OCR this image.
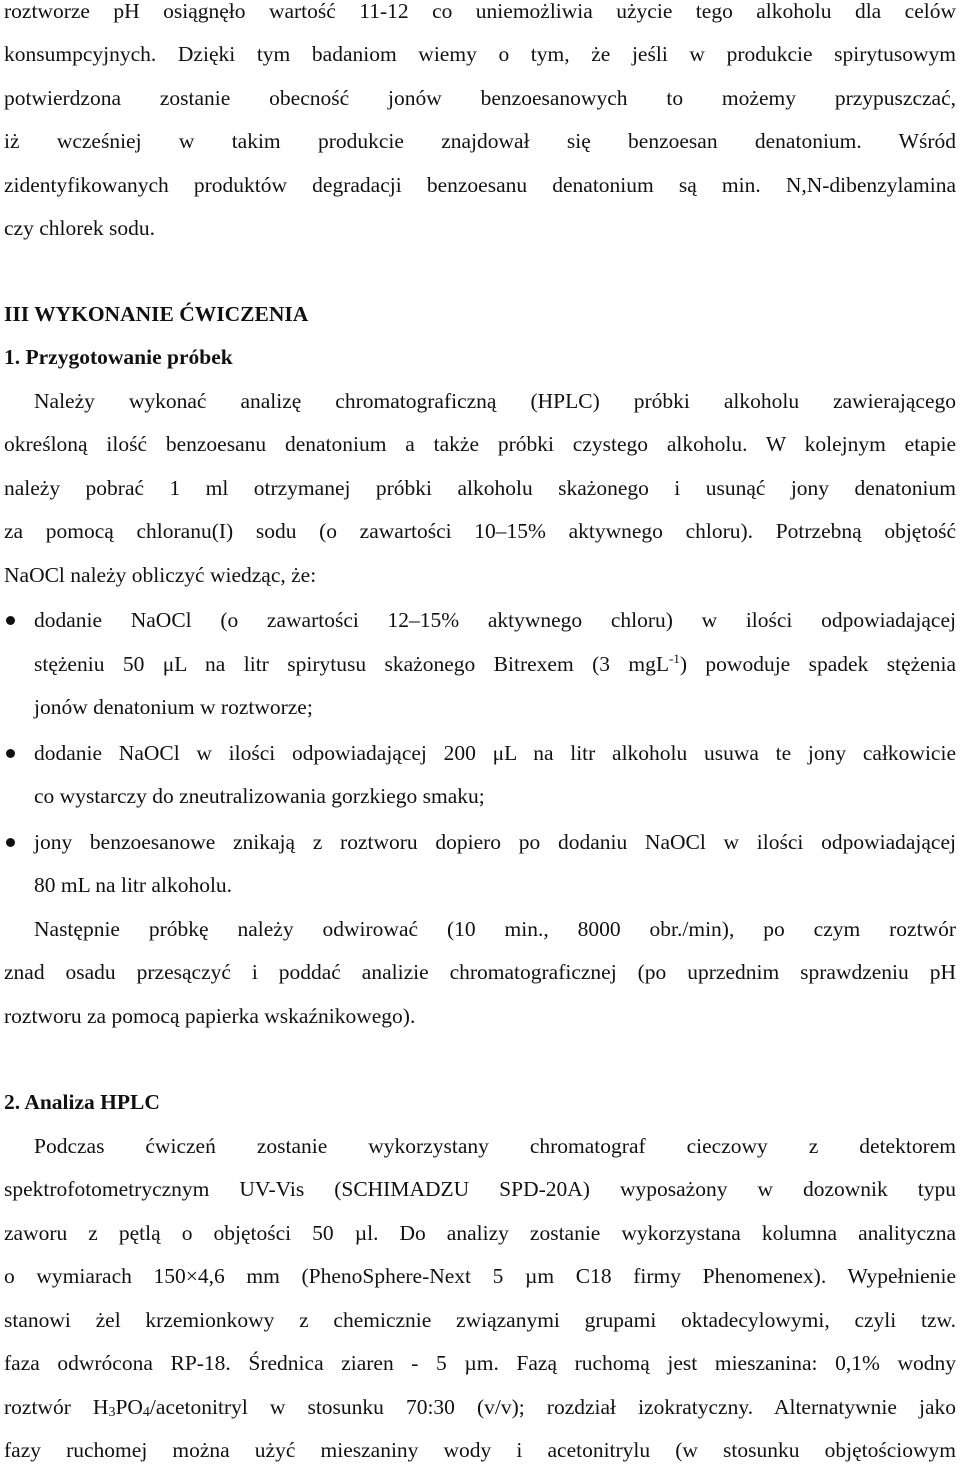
roztworze pH osiągnęło wartość 11-12 co uniemożliwia użycie tego alkoholu dla celów
konsumpcyjnych. Dzięki tym badaniom wiemy o tym, że jeśli w produkcie spirytusowym
potwierdzona zostanie obecność jonów benzoesanowych to możemy przypuszczać,
iż wcześniej w takim produkcie znajdował się benzoesan denatonium. Wśród
zidentyfikowanych produktów degradacji benzoesanu denatonium są min. N,N-dibenzylamina
czy chlorek sodu.
III WYKONANIE ĆWICZENIA
1. Przygotowanie próbek
Należy wykonać analizę chromatograficzną (HPLC) próbki alkoholu zawierającego
określoną ilość benzoesanu denatonium a także próbki czystego alkoholu. W kolejnym etapie
należy pobrać 1 ml otrzymanej próbki alkoholu skażonego i usunąć jony denatonium
za pomocą chloranu(I) sodu (o zawartości 10–15% aktywnego chloru). Potrzebną objętość
NaOCl należy obliczyć wiedząc, że:
dodanie NaOCl (o zawartości 12–15% aktywnego chloru) w ilości odpowiadającej
stężeniu 50 μL na litr spirytusu skażonego Bitrexem (3 mgL$^{-1}$) powoduje spadek stężenia
jonów denatonium w roztworze;
dodanie NaOCl w ilości odpowiadającej 200 μL na litr alkoholu usuwa te jony całkowicie
co wystarczy do zneutralizowania gorzkiego smaku;
jony benzoesanowe znikają z roztworu dopiero po dodaniu NaOCl w ilości odpowiadającej
80 mL na litr alkoholu.
Następnie próbkę należy odwirować (10 min., 8000 obr./min), po czym roztwór
znad osadu przesączyć i poddać analizie chromatograficznej (po uprzednim sprawdzeniu pH
roztworu za pomocą papierka wskaźnikowego).
2. Analiza HPLC
Podczas ćwiczeń zostanie wykorzystany chromatograf cieczowy z detektorem
spektrofotometrycznym UV-Vis (SCHIMADZU SPD-20A) wyposażony w dozownik typu
zaworu z pętlą o objętości 50 µl. Do analizy zostanie wykorzystana kolumna analityczna
o wymiarach 150×4,6 mm (PhenoSphere-Next 5 µm C18 firmy Phenomenex). Wypełnienie
stanowi żel krzemionkowy z chemicznie związanymi grupami oktadecylowymi, czyli tzw.
faza odwrócona RP-18. Średnica ziaren - 5 µm. Fazą ruchomą jest mieszanina: 0,1% wodny
roztwór $H_3PO_4$/acetonitryl w stosunku 70:30 (v/v); rozdział izokratyczny. Alternatywnie jako
fazy ruchomej można użyć mieszaniny wody i acetonitrylu (w stosunku objętościowym
